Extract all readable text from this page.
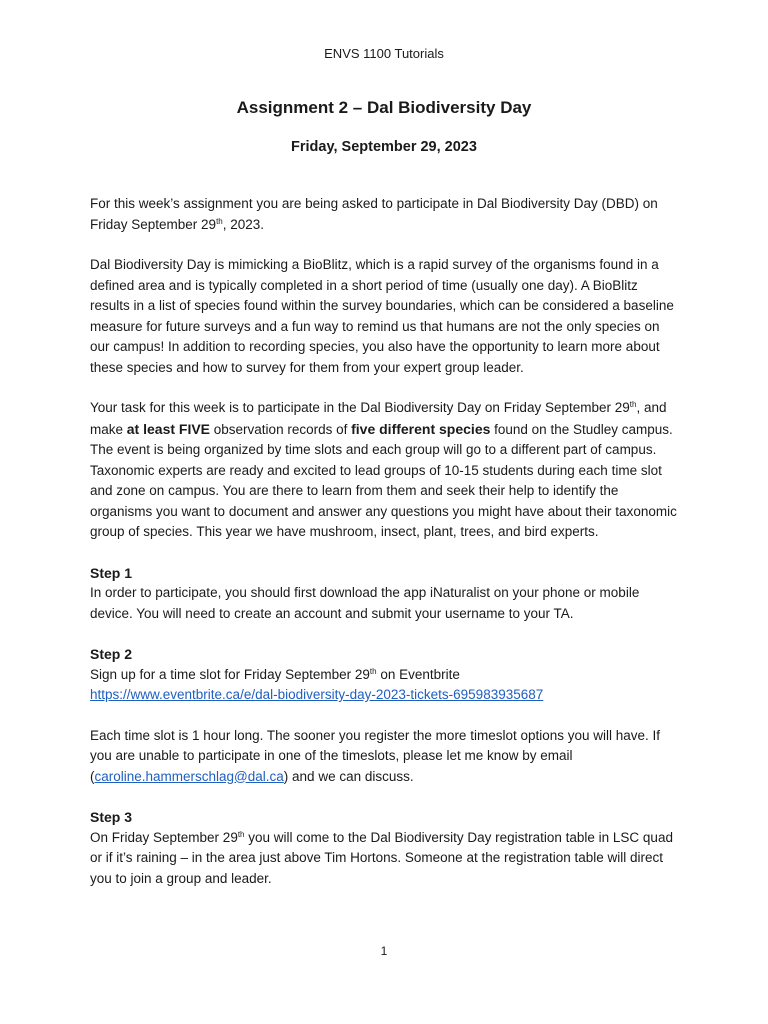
ENVS 1100 Tutorials
Assignment 2 – Dal Biodiversity Day
Friday, September 29, 2023

For this week’s assignment you are being asked to participate in Dal Biodiversity Day (DBD) on Friday September 29th, 2023.

Dal Biodiversity Day is mimicking a BioBlitz, which is a rapid survey of the organisms found in a defined area and is typically completed in a short period of time (usually one day). A BioBlitz results in a list of species found within the survey boundaries, which can be considered a baseline measure for future surveys and a fun way to remind us that humans are not the only species on our campus! In addition to recording species, you also have the opportunity to learn more about these species and how to survey for them from your expert group leader.

Your task for this week is to participate in the Dal Biodiversity Day on Friday September 29th, and make at least FIVE observation records of five different species found on the Studley campus. The event is being organized by time slots and each group will go to a different part of campus. Taxonomic experts are ready and excited to lead groups of 10-15 students during each time slot and zone on campus. You are there to learn from them and seek their help to identify the organisms you want to document and answer any questions you might have about their taxonomic group of species. This year we have mushroom, insect, plant, trees, and bird experts.

Step 1

In order to participate, you should first download the app iNaturalist on your phone or mobile device. You will need to create an account and submit your username to your TA.

Step 2

Sign up for a time slot for Friday September 29th on Eventbrite

https://www.eventbrite.ca/e/dal-biodiversity-day-2023-tickets-695983935687

Each time slot is 1 hour long. The sooner you register the more timeslot options you will have. If you are unable to participate in one of the timeslots, please let me know by email (caroline.hammerschlag@dal.ca) and we can discuss.

Step 3

On Friday September 29th you will come to the Dal Biodiversity Day registration table in LSC quad or if it’s raining – in the area just above Tim Hortons. Someone at the registration table will direct you to join a group and leader.

1
